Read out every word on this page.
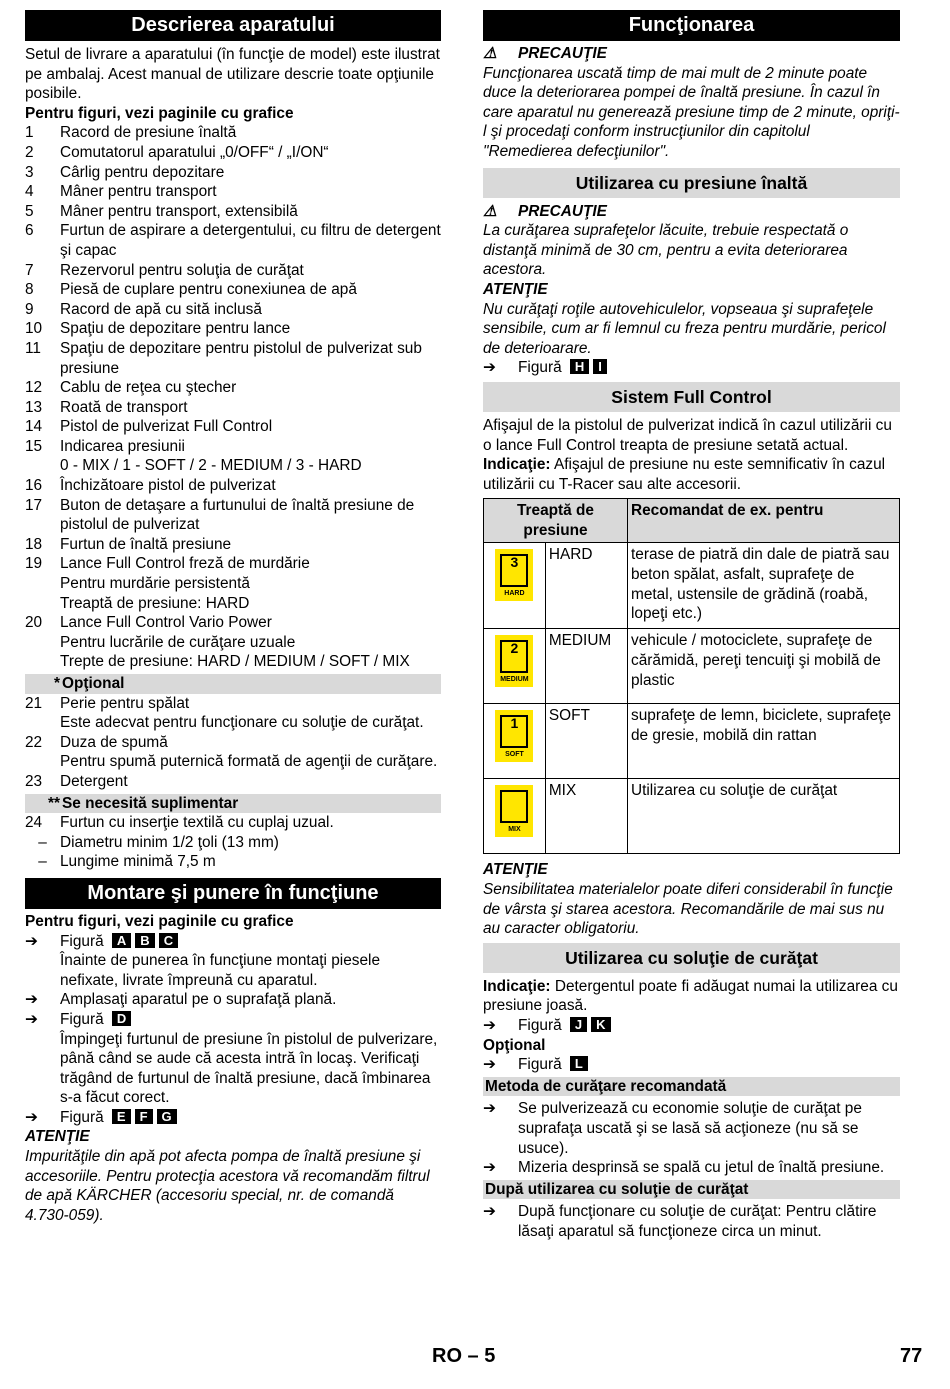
Descrierea aparatului

Setul de livrare a aparatului (în funcţie de model) este ilustrat pe ambalaj. Acest manual de utilizare descrie toate opţiunile posibile.

Pentru figuri, vezi paginile cu grafice

1	Racord de presiune înaltă
2	Comutatorul aparatului „0/OFF“ / „I/ON“
3	Cârlig pentru depozitare
4	Mâner pentru transport
5	Mâner pentru transport, extensibilă
6	Furtun de aspirare a detergentului, cu filtru de detergent şi capac
7	Rezervorul pentru soluţia de curăţat
8	Piesă de cuplare pentru conexiunea de apă
9	Racord de apă cu sită inclusă
10	Spaţiu de depozitare pentru lance
11	Spaţiu de depozitare pentru pistolul de pulverizat sub presiune
12	Cablu de reţea cu ştecher
13	Roată de transport
14	Pistol de pulverizat Full Control
15	Indicarea presiunii
0 - MIX / 1 - SOFT / 2 - MEDIUM / 3 - HARD
16	Închizătoare pistol de pulverizat
17	Buton de detaşare a furtunului de înaltă presiune de pistolul de pulverizat
18	Furtun de înaltă presiune
19	Lance Full Control freză de murdărie
Pentru murdărie persistentă
Treaptă de presiune: HARD
20	Lance Full Control Vario Power
Pentru lucrările de curăţare uzuale
Trepte de presiune: HARD / MEDIUM / SOFT / MIX
* Opţional
21	Perie pentru spălat
Este adecvat pentru funcţionare cu soluţie de curăţat.
22	Duza de spumă
Pentru spumă puternică formată de agenţii de curăţare.
23	Detergent
** Se necesită suplimentar
24	Furtun cu inserţie textilă cu cuplaj uzual.
– Diametru minim 1/2 ţoli (13 mm)
– Lungime minimă 7,5 m
Montare şi punere în funcţiune

Pentru figuri, vezi paginile cu grafice

➔	Figură A B C

Înainte de punerea în funcţiune montaţi piesele nefixate, livrate împreună cu aparatul.

➔	Amplasaţi aparatul pe o suprafaţă plană.
➔	Figură D

Împingeţi furtunul de presiune în pistolul de pulverizare, până când se aude că acesta intră în locaş. Verificaţi trăgând de furtunul de înaltă presiune, dacă îmbinarea s-a făcut corect.

➔	Figură E F G

ATENŢIE

Impurităţile din apă pot afecta pompa de înaltă presiune şi accesoriile. Pentru protecţia acestora vă recomandăm filtrul de apă KÄRCHER (accesoriu special, nr. de comandă 4.730-059).

Funcţionarea

⚠ PRECAUŢIE

Funcţionarea uscată timp de mai mult de 2 minute poate duce la deteriorarea pompei de înaltă presiune. În cazul în care aparatul nu generează presiune timp de 2 minute, opriţi-l şi procedaţi conform instrucţiunilor din capitolul "Remedierea defecţiunilor".

Utilizarea cu presiune înaltă

⚠ PRECAUŢIE

La curăţarea suprafeţelor lăcuite, trebuie respectată o distanţă minimă de 30 cm, pentru a evita deteriorarea acestora.

ATENŢIE

Nu curăţaţi roţile autovehiculelor, vopseaua şi suprafeţele sensibile, cum ar fi lemnul cu freza pentru murdărie, pericol de deterioarare.

➔	Figură H I
Sistem Full Control

Afişajul de la pistolul de pulverizat indică în cazul utilizării cu o lance Full Control treapta de presiune setată actual.

Indicaţie: Afişajul de presiune nu este semnificativ în cazul utilizării cu T-Racer sau alte accesorii.

Treaptă de presiune		Recomandat de ex. pentru

3
HARD	HARD	terase de piatră din dale de piatră sau beton spălat, asfalt, suprafeţe de metal, ustensile de grădină (roabă, lopeţi etc.)

2
MEDIUM	MEDIUM	vehicule / motociclete, suprafeţe de cărămidă, pereţi tencuiţi şi mobilă de plastic

1
SOFT	SOFT	suprafeţe de lemn, biciclete, suprafeţe de gresie, mobilă din rattan

MIX	MIX	Utilizarea cu soluţie de curăţat

ATENŢIE

Sensibilitatea materialelor poate diferi considerabil în funcţie de vârsta şi starea acestora. Recomandările de mai sus nu au caracter obligatoriu.

Utilizarea cu soluţie de curăţat

Indicaţie: Detergentul poate fi adăugat numai la utilizarea cu presiune joasă.

➔	Figură J K

Opţional

➔	Figură L
Metoda de curăţare recomandată
➔	Se pulverizează cu economie soluţie de curăţat pe suprafaţa uscată şi se lasă să acţioneze (nu să se usuce).
➔	Mizeria desprinsă se spală cu jetul de înaltă presiune.
După utilizarea cu soluţie de curăţat
➔	După funcţionare cu soluţie de curăţat: Pentru clătire lăsaţi aparatul să funcţioneze circa un minut.
RO – 5	77
